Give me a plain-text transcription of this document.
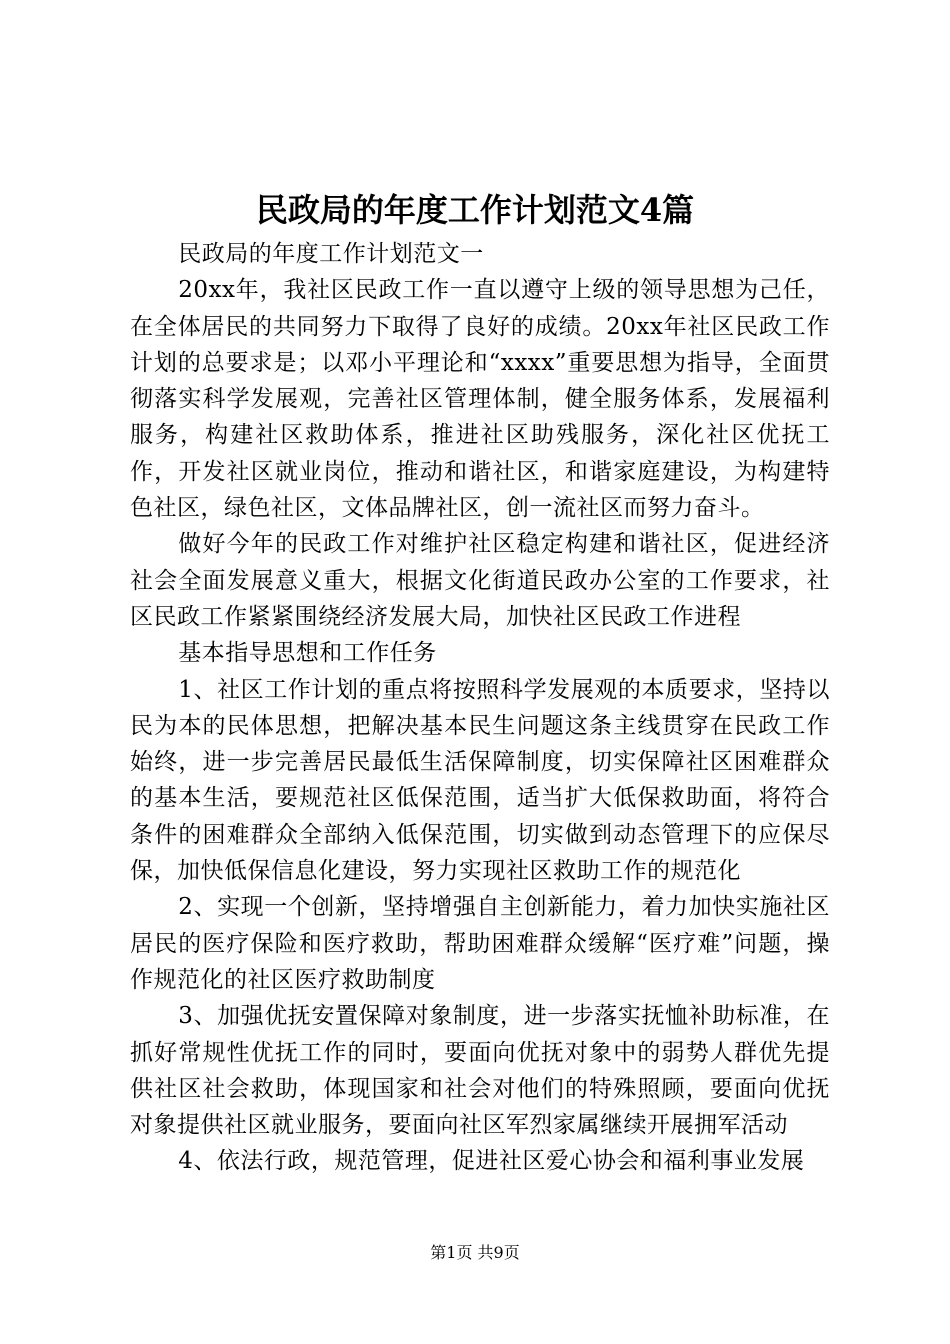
民政局的年度工作计划范文4篇

民政局的年度工作计划范文一

20xx年，我社区民政工作一直以遵守上级的领导思想为己任，在全体居民的共同努力下取得了良好的成绩。20xx年社区民政工作计划的总要求是；以邓小平理论和“xxxx”重要思想为指导，全面贯彻落实科学发展观，完善社区管理体制，健全服务体系，发展福利服务，构建社区救助体系，推进社区助残服务，深化社区优抚工作，开发社区就业岗位，推动和谐社区，和谐家庭建设，为构建特色社区，绿色社区，文体品牌社区，创一流社区而努力奋斗。

做好今年的民政工作对维护社区稳定构建和谐社区，促进经济社会全面发展意义重大，根据文化街道民政办公室的工作要求，社区民政工作紧紧围绕经济发展大局，加快社区民政工作进程

基本指导思想和工作任务

1、社区工作计划的重点将按照科学发展观的本质要求，坚持以民为本的民体思想，把解决基本民生问题这条主线贯穿在民政工作始终，进一步完善居民最低生活保障制度，切实保障社区困难群众的基本生活，要规范社区低保范围，适当扩大低保救助面，将符合条件的困难群众全部纳入低保范围，切实做到动态管理下的应保尽保，加快低保信息化建设，努力实现社区救助工作的规范化

2、实现一个创新，坚持增强自主创新能力，着力加快实施社区居民的医疗保险和医疗救助，帮助困难群众缓解“医疗难”问题，操作规范化的社区医疗救助制度

3、加强优抚安置保障对象制度，进一步落实抚恤补助标准，在抓好常规性优抚工作的同时，要面向优抚对象中的弱势人群优先提供社区社会救助，体现国家和社会对他们的特殊照顾，要面向优抚对象提供社区就业服务，要面向社区军烈家属继续开展拥军活动

4、依法行政，规范管理，促进社区爱心协会和福利事业发展

第1页 共9页
